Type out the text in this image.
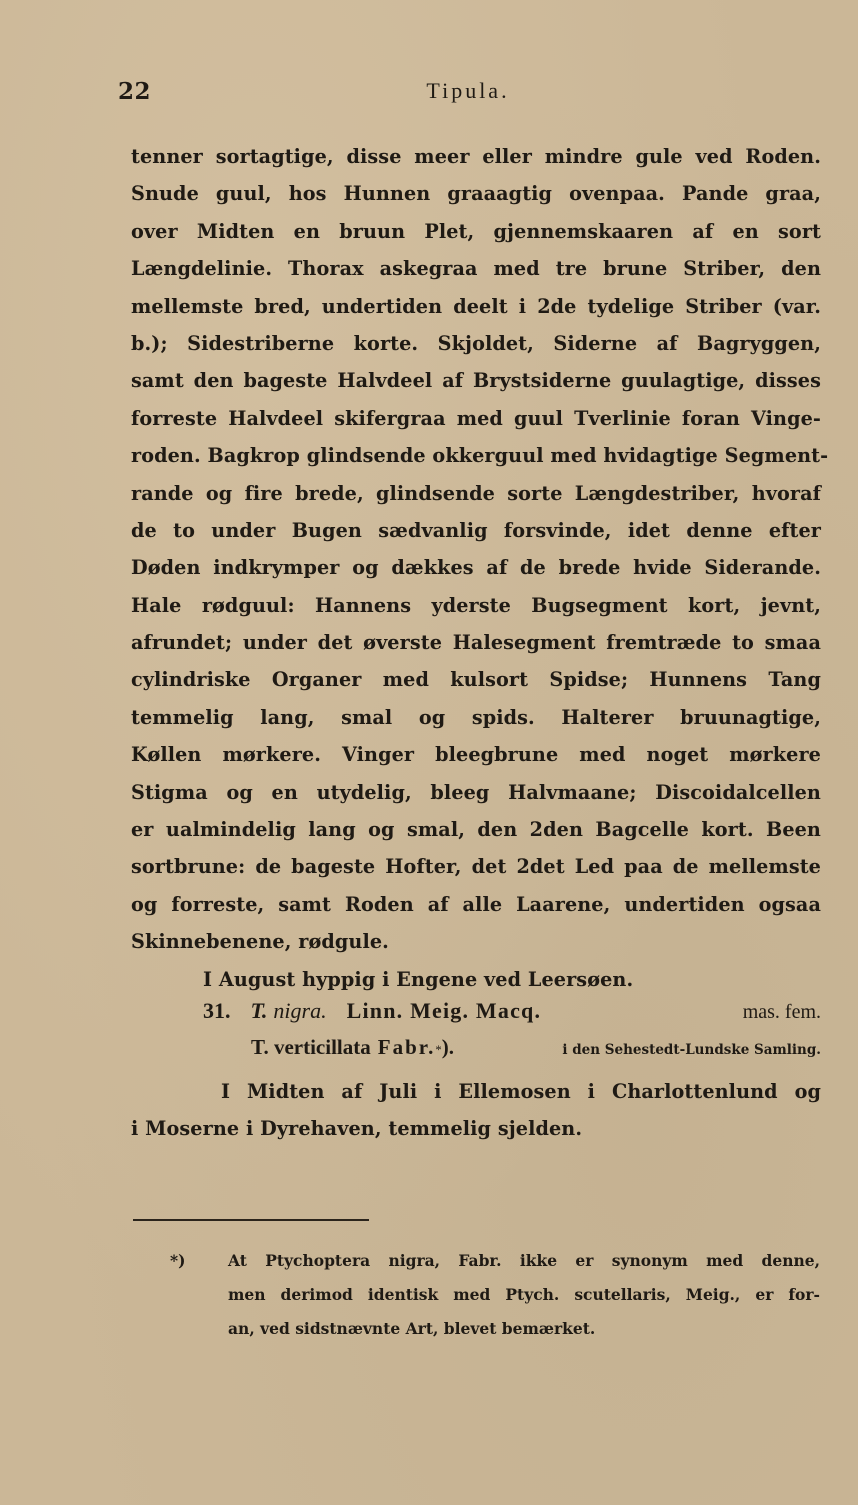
22	Tipula.
tenner sortagtige, disse meer eller mindre gule ved Roden.
Snude guul, hos Hunnen graaagtig ovenpaa. Pande graa,
over Midten en bruun Plet, gjennemskaaren af en sort
Længdelinie. Thorax askegraa med tre brune Striber, den
mellemste bred, undertiden deelt i 2de tydelige Striber (var.
b.); Sidestriberne korte. Skjoldet, Siderne af Bagryggen,
samt den bageste Halvdeel af Brystsiderne guulagtige, disses
forreste Halvdeel skifergraa med guul Tverlinie foran Vinge-
roden. Bagkrop glindsende okkerguul med hvidagtige Segment-
rande og fire brede, glindsende sorte Længdestriber, hvoraf
de to under Bugen sædvanlig forsvinde, idet denne efter
Døden indkrymper og dækkes af de brede hvide Siderande.
Hale rødguul: Hannens yderste Bugsegment kort, jevnt,
afrundet; under det øverste Halesegment fremtræde to smaa
cylindriske Organer med kulsort Spidse; Hunnens Tang
temmelig lang, smal og spids. Halterer bruunagtige,
Køllen mørkere. Vinger bleegbrune med noget mørkere
Stigma og en utydelig, bleeg Halvmaane; Discoidalcellen
er ualmindelig lang og smal, den 2den Bagcelle kort. Been
sortbrune: de bageste Hofter, det 2det Led paa de mellemste
og forreste, samt Roden af alle Laarene, undertiden ogsaa
Skinnebenene, rødgule.
I August hyppig i Engene ved Leersøen.
31. T. nigra. Linn. Meig. Macq.	mas. fem.
T. verticillata Fabr. * ).	i den Sehestedt-Lundske Samling.
I Midten af Juli i Ellemosen i Charlottenlund og
i Moserne i Dyrehaven, temmelig sjelden.
*)	At Ptychoptera nigra, Fabr. ikke er synonym med denne,
men derimod identisk med Ptych. scutellaris, Meig., er for-
an, ved sidstnævnte Art, blevet bemærket.
